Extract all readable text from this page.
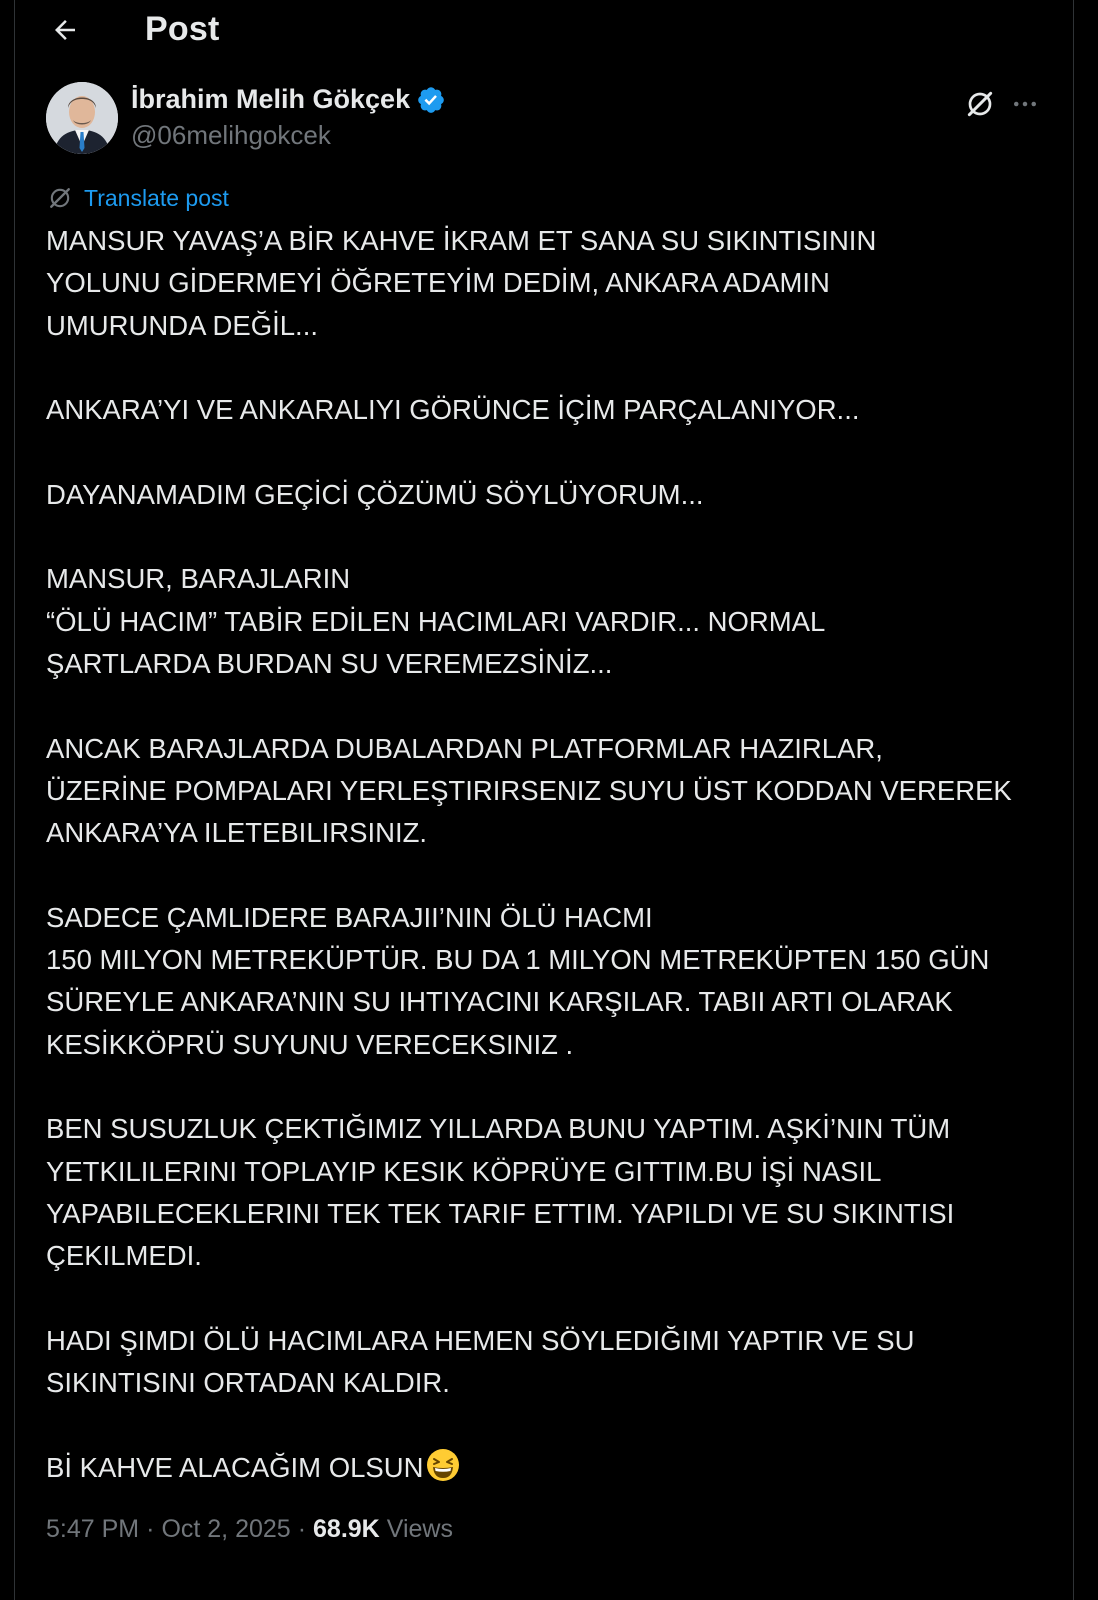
Post
İbrahim Melih Gökçek
@06melihgokcek
Translate post
MANSUR YAVAŞ’A BİR KAHVE İKRAM ET SANA SU SIKINTISININ
YOLUNU GİDERMEYİ ÖĞRETEYİM DEDİM, ANKARA ADAMIN
UMURUNDA DEĞİL...
ANKARA’YI VE ANKARALIYI GÖRÜNCE İÇİM PARÇALANIYOR...
DAYANAMADIM GEÇİCİ ÇÖZÜMÜ SÖYLÜYORUM...
MANSUR, BARAJLARIN
“ÖLÜ HACIM” TABİR EDİLEN HACIMLARI VARDIR... NORMAL
ŞARTLARDA BURDAN SU VEREMEZSİNİZ...
ANCAK BARAJLARDA DUBALARDAN PLATFORMLAR HAZIRLAR,
ÜZERİNE POMPALARI YERLEŞTIRIRSENIZ SUYU ÜST KODDAN VEREREK
ANKARA’YA ILETEBILIRSINIZ.
SADECE ÇAMLIDERE BARAJII’NIN ÖLÜ HACMI
150 MILYON METREKÜPTÜR. BU DA 1 MILYON METREKÜPTEN 150 GÜN
SÜREYLE ANKARA’NIN SU IHTIYACINI KARŞILAR. TABII ARTI OLARAK
KESİKKÖPRÜ SUYUNU VERECEKSINIZ .
BEN SUSUZLUK ÇEKTIĞIMIZ YILLARDA BUNU YAPTIM. AŞKİ’NIN TÜM
YETKILILERINI TOPLAYIP KESIK KÖPRÜYE GITTIM.BU İŞİ NASIL
YAPABILECEKLERINI TEK TEK TARIF ETTIM. YAPILDI VE SU SIKINTISI
ÇEKILMEDI.
HADI ŞIMDI ÖLÜ HACIMLARA HEMEN SÖYLEDIĞIMI YAPTIR VE SU
SIKINTISINI ORTADAN KALDIR.
Bİ KAHVE ALACAĞIM OLSUN
5:47 PM · Oct 2, 2025 · 68.9K Views
